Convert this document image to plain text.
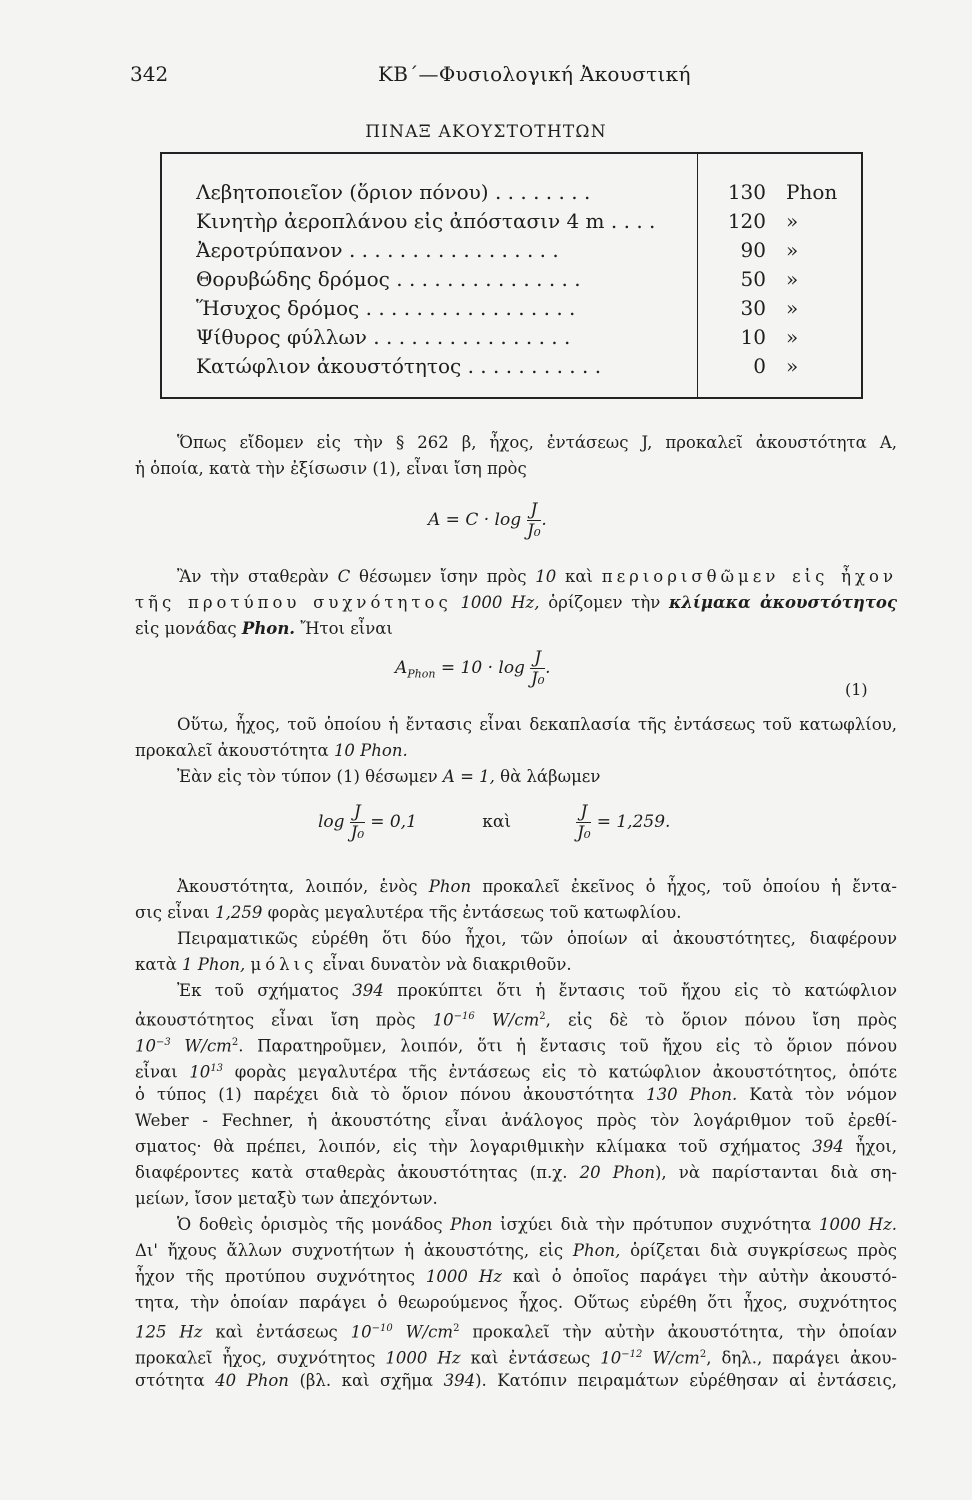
342	ΚΒ΄—Φυσιολογική Ἀκουστική
ΠΙΝΑΞ ΑΚΟΥΣΤΟΤΗΤΩΝ
Λεβητοποιεῖον (ὅριον πόνου) . . . . . . . .	130 Phon
Κινητὴρ ἀεροπλάνου εἰς ἀπόστασιν 4 m . . . .	120 »
Ἀεροτρύπανον . . . . . . . . . . . . . . . . .	90 »
Θορυβώδης δρόμος . . . . . . . . . . . . . . .	50 »
Ἥσυχος δρόμος . . . . . . . . . . . . . . . . .	30 »
Ψίθυρος φύλλων . . . . . . . . . . . . . . . .	10 »
Κατώφλιον ἀκουστότητος . . . . . . . . . . .	0 »
Ὅπως εἴδομεν εἰς τὴν § 262 β, ἦχος, ἐντάσεως J, προκαλεῖ ἀκουστότητα A,
ἡ ὁποία, κατὰ τὴν ἐξίσωσιν (1), εἶναι ἴση πρὸς
$A = C \cdot \log \frac{J}{\text{J₀}}$ .
Ἂν τὴν σταθερὰν C θέσωμεν ἴσην πρὸς 10 καὶ περιορισθῶμεν εἰς ἦχον
τῆς προτύπου συχνότητος 1000 Hz, ὁρίζομεν τὴν κλίμακα ἀκουστότητος
εἰς μονάδας Phon. Ἤτοι εἶναι
$A_{Phon} = 10 \cdot \log \frac{J}{\text{J₀}}$ .
(1)
Οὕτω, ἦχος, τοῦ ὁποίου ἡ ἔντασις εἶναι δεκαπλασία τῆς ἐντάσεως τοῦ κατωφλίου,
προκαλεῖ ἀκουστότητα 10 Phon.
Ἐὰν εἰς τὸν τύπον (1) θέσωμεν A = 1, θὰ λάβωμεν
$\log \frac{J}{\text{J₀}} = 0,1$	καὶ	$\frac{J}{\text{J₀}} = 1,259$.
Ἀκουστότητα, λοιπόν, ἑνὸς Phon προκαλεῖ ἐκεῖνος ὁ ἦχος, τοῦ ὁποίου ἡ ἔντα-
σις εἶναι 1,259 φορὰς μεγαλυτέρα τῆς ἐντάσεως τοῦ κατωφλίου.
Πειραματικῶς εὑρέθη ὅτι δύο ἦχοι, τῶν ὁποίων αἱ ἀκουστότητες, διαφέρουν
κατὰ 1 Phon, μόλις εἶναι δυνατὸν νὰ διακριθοῦν.
Ἐκ τοῦ σχήματος 394 προκύπτει ὅτι ἡ ἔντασις τοῦ ἤχου εἰς τὸ κατώφλιον
ἀκουστότητος εἶναι ἴση πρὸς $10^{-16}$ $W/cm^2$, εἰς δὲ τὸ ὅριον πόνου ἴση πρὸς
$10^{-3}$ $W/cm^2$. Παρατηροῦμεν, λοιπόν, ὅτι ἡ ἔντασις τοῦ ἤχου εἰς τὸ ὅριον πόνου
εἶναι $10^{13}$ φορὰς μεγαλυτέρα τῆς ἐντάσεως εἰς τὸ κατώφλιον ἀκουστότητος, ὁπότε
ὁ τύπος (1) παρέχει διὰ τὸ ὅριον πόνου ἀκουστότητα 130 Phon. Κατὰ τὸν νόμον
Weber - Fechner, ἡ ἀκουστότης εἶναι ἀνάλογος πρὸς τὸν λογάριθμον τοῦ ἐρεθί-
σματος· θὰ πρέπει, λοιπόν, εἰς τὴν λογαριθμικὴν κλίμακα τοῦ σχήματος 394 ἦχοι,
διαφέροντες κατὰ σταθερὰς ἀκουστότητας (π.χ. 20 Phon), νὰ παρίστανται διὰ ση-
μείων, ἴσον μεταξὺ των ἀπεχόντων.
Ὁ δοθεὶς ὁρισμὸς τῆς μονάδος Phon ἰσχύει διὰ τὴν πρότυπον συχνότητα 1000 Hz.
Δι' ἤχους ἄλλων συχνοτήτων ἡ ἀκουστότης, εἰς Phon, ὁρίζεται διὰ συγκρίσεως πρὸς
ἦχον τῆς προτύπου συχνότητος 1000 Hz καὶ ὁ ὁποῖος παράγει τὴν αὐτὴν ἀκουστό-
τητα, τὴν ὁποίαν παράγει ὁ θεωρούμενος ἦχος. Οὕτως εὑρέθη ὅτι ἦχος, συχνότητος
125 Hz καὶ ἐντάσεως $10^{-10}$ $W/cm^2$ προκαλεῖ τὴν αὐτὴν ἀκουστότητα, τὴν ὁποίαν
προκαλεῖ ἦχος, συχνότητος 1000 Hz καὶ ἐντάσεως $10^{-12}$ $W/cm^2$, δηλ., παράγει ἀκου-
στότητα 40 Phon (βλ. καὶ σχῆμα 394). Κατόπιν πειραμάτων εὑρέθησαν αἱ ἐντάσεις,
